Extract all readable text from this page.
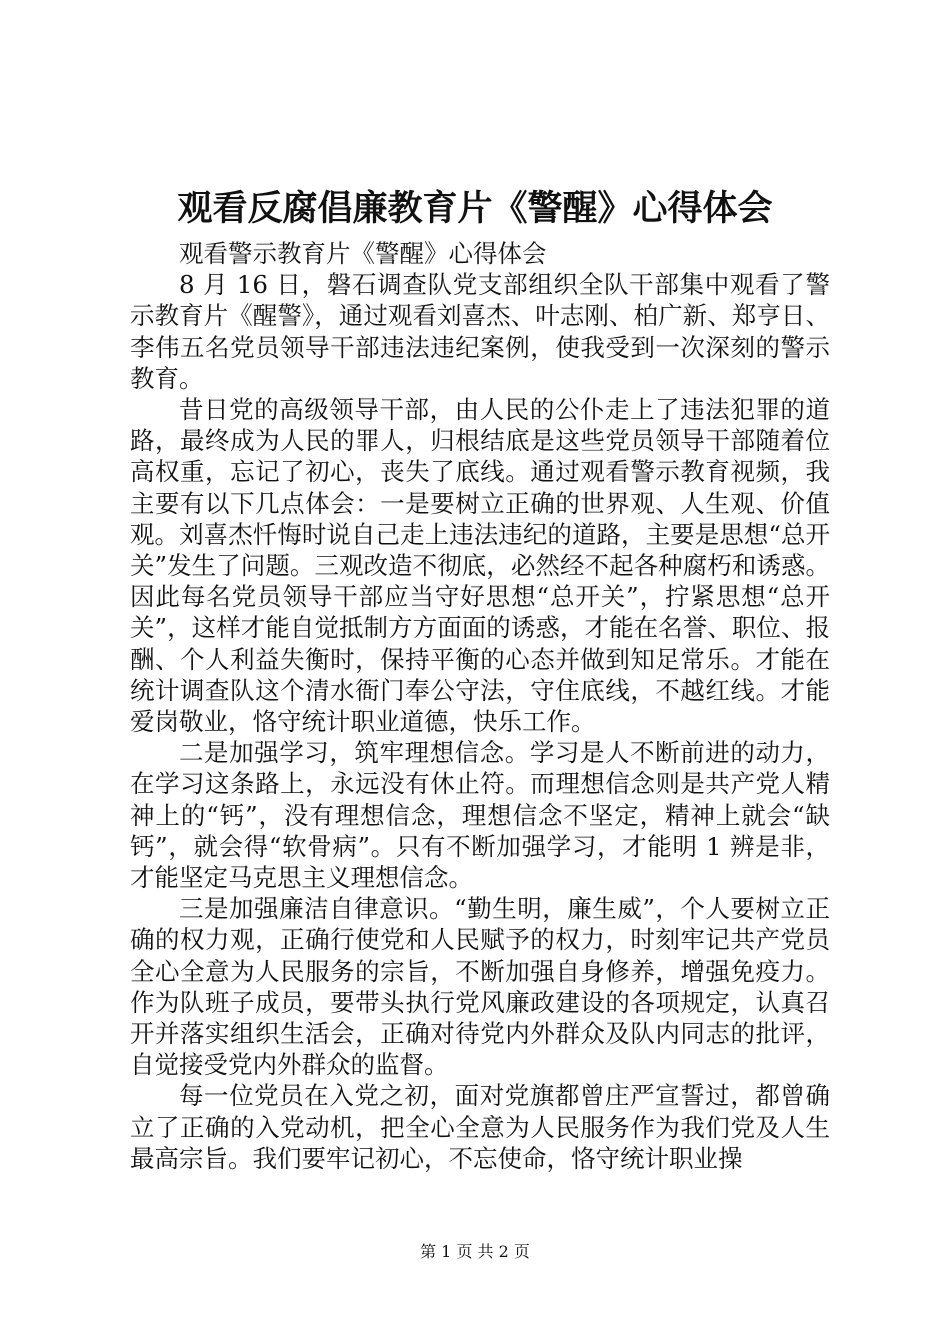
观看反腐倡廉教育片《警醒》心得体会

观看警示教育片《警醒》心得体会

8 月 16 日，磐石调查队党支部组织全队干部集中观看了警示教育片《醒警》，通过观看刘喜杰、叶志刚、柏广新、郑亨日、李伟五名党员领导干部违法违纪案例，使我受到一次深刻的警示教育。

昔日党的高级领导干部，由人民的公仆走上了违法犯罪的道路，最终成为人民的罪人，归根结底是这些党员领导干部随着位高权重，忘记了初心，丧失了底线。通过观看警示教育视频，我主要有以下几点体会：一是要树立正确的世界观、人生观、价值观。刘喜杰忏悔时说自己走上违法违纪的道路，主要是思想“总开关”发生了问题。三观改造不彻底，必然经不起各种腐朽和诱惑。因此每名党员领导干部应当守好思想“总开关”，拧紧思想“总开关”，这样才能自觉抵制方方面面的诱惑，才能在名誉、职位、报酬、个人利益失衡时，保持平衡的心态并做到知足常乐。才能在统计调查队这个清水衙门奉公守法，守住底线，不越红线。才能爱岗敬业，恪守统计职业道德，快乐工作。

二是加强学习，筑牢理想信念。学习是人不断前进的动力，在学习这条路上，永远没有休止符。而理想信念则是共产党人精神上的“钙”，没有理想信念，理想信念不坚定，精神上就会“缺钙”，就会得“软骨病”。只有不断加强学习，才能明 1 辨是非，才能坚定马克思主义理想信念。

三是加强廉洁自律意识。“勤生明，廉生威”，个人要树立正确的权力观，正确行使党和人民赋予的权力，时刻牢记共产党员全心全意为人民服务的宗旨，不断加强自身修养，增强免疫力。作为队班子成员，要带头执行党风廉政建设的各项规定，认真召开并落实组织生活会，正确对待党内外群众及队内同志的批评，自觉接受党内外群众的监督。

每一位党员在入党之初，面对党旗都曾庄严宣誓过，都曾确立了正确的入党动机，把全心全意为人民服务作为我们党及人生最高宗旨。我们要牢记初心，不忘使命，恪守统计职业操

第 1 页 共 2 页
